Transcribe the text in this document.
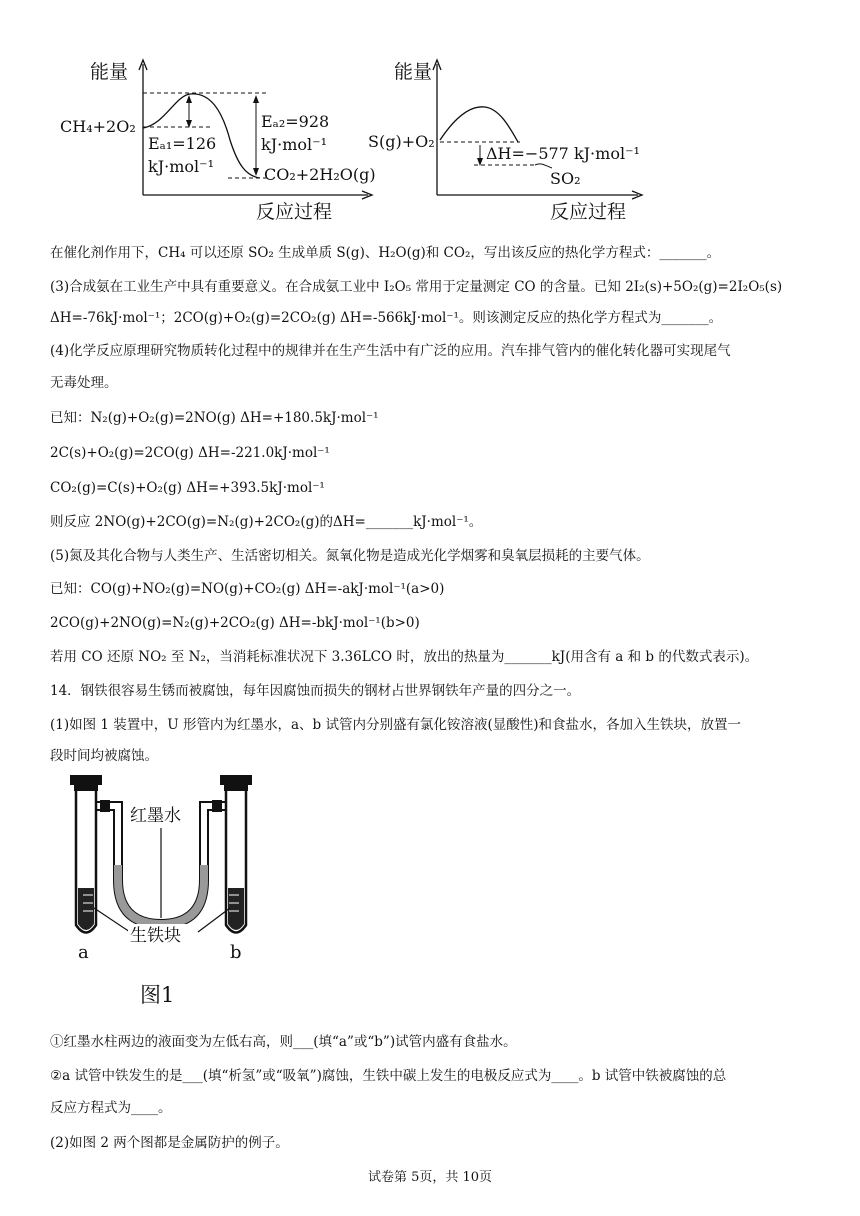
能量
反应过程
CH₄+2O₂
Eₐ₁=126
kJ·mol⁻¹
Eₐ₂=928
kJ·mol⁻¹
CO₂+2H₂O(g)
能量
反应过程
S(g)+O₂
ΔH=−577 kJ·mol⁻¹
SO₂
在催化剂作用下，CH₄ 可以还原 SO₂ 生成单质 S(g)、H₂O(g)和 CO₂，写出该反应的热化学方程式：_______。
(3)合成氨在工业生产中具有重要意义。在合成氨工业中 I₂O₅ 常用于定量测定 CO 的含量。已知 2I₂(s)+5O₂(g)=2I₂O₅(s)
ΔH=-76kJ·mol⁻¹；2CO(g)+O₂(g)=2CO₂(g) ΔH=-566kJ·mol⁻¹。则该测定反应的热化学方程式为_______。
(4)化学反应原理研究物质转化过程中的规律并在生产生活中有广泛的应用。汽车排气管内的催化转化器可实现尾气
无毒处理。
已知：N₂(g)+O₂(g)=2NO(g) ΔH=+180.5kJ·mol⁻¹
2C(s)+O₂(g)=2CO(g) ΔH=-221.0kJ·mol⁻¹
CO₂(g)=C(s)+O₂(g) ΔH=+393.5kJ·mol⁻¹
则反应 2NO(g)+2CO(g)=N₂(g)+2CO₂(g)的ΔH=_______kJ·mol⁻¹。
(5)氮及其化合物与人类生产、生活密切相关。氮氧化物是造成光化学烟雾和臭氧层损耗的主要气体。
已知：CO(g)+NO₂(g)=NO(g)+CO₂(g) ΔH=-akJ·mol⁻¹(a>0)
2CO(g)+2NO(g)=N₂(g)+2CO₂(g) ΔH=-bkJ·mol⁻¹(b>0)
若用 CO 还原 NO₂ 至 N₂，当消耗标准状况下 3.36LCO 时，放出的热量为_______kJ(用含有 a 和 b 的代数式表示)。
14．钢铁很容易生锈而被腐蚀，每年因腐蚀而损失的钢材占世界钢铁年产量的四分之一。
(1)如图 1 装置中，U 形管内为红墨水，a、b 试管内分别盛有氯化铵溶液(显酸性)和食盐水，各加入生铁块，放置一
段时间均被腐蚀。
红墨水
生铁块
a	b
图1
①红墨水柱两边的液面变为左低右高，则___(填“a”或“b”)试管内盛有食盐水。
②a 试管中铁发生的是___(填“析氢”或“吸氧”)腐蚀，生铁中碳上发生的电极反应式为____。b 试管中铁被腐蚀的总
反应方程式为____。
(2)如图 2 两个图都是金属防护的例子。
试卷第 5页，共 10页
